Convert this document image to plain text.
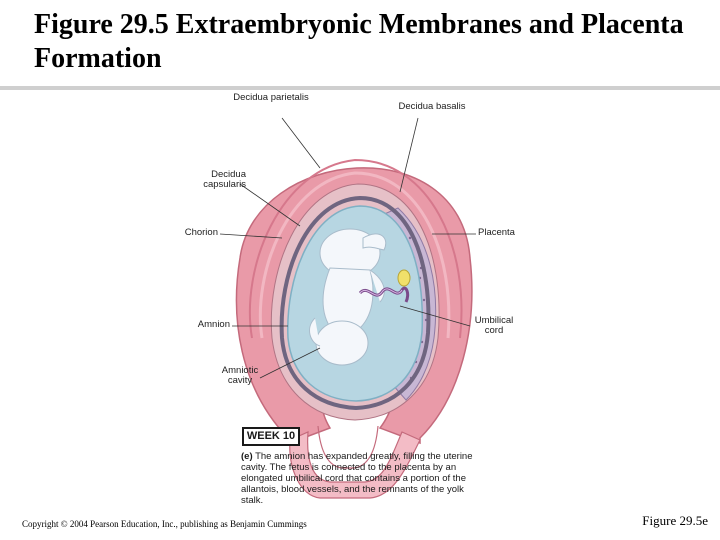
Figure 29.5 Extraembryonic Membranes and Placenta Formation
Decidua parietalis
Decidua basalis
Decidua capsularis
Chorion	Placenta
Amnion	Umbilical cord
Amniotic cavity
WEEK 10
(e) The amnion has expanded greatly, filling the uterine cavity. The fetus is connected to the placenta by an elongated umbilical cord that contains a portion of the allantois, blood vessels, and the remnants of the yolk stalk.
Copyright © 2004 Pearson Education, Inc., publishing as Benjamin Cummings	Figure 29.5e
